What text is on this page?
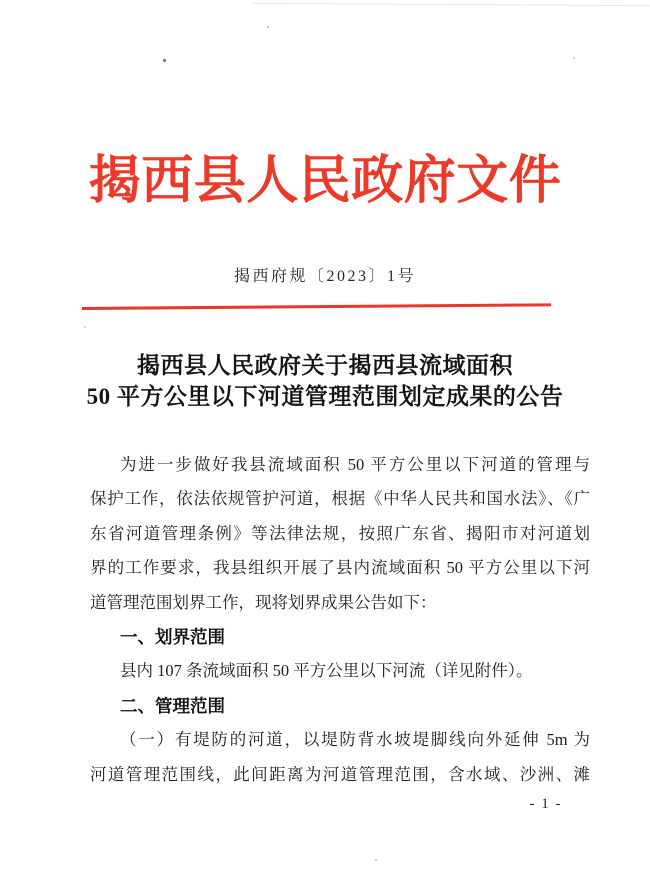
揭西县人民政府文件
揭西府规〔2023〕1号
揭西县人民政府关于揭西县流域面积
50 平方公里以下河道管理范围划定成果的公告
为进一步做好我县流域面积 50 平方公里以下河道的管理与
保护工作，依法依规管护河道，根据《中华人民共和国水法》、《广
东省河道管理条例》等法律法规，按照广东省、揭阳市对河道划
界的工作要求，我县组织开展了县内流域面积 50 平方公里以下河
道管理范围划界工作，现将划界成果公告如下：
一、划界范围
县内 107 条流域面积 50 平方公里以下河流（详见附件）。
二、管理范围
（一）有堤防的河道，以堤防背水坡堤脚线向外延伸 5m 为
河道管理范围线，此间距离为河道管理范围，含水域、沙洲、滩
- 1 -
